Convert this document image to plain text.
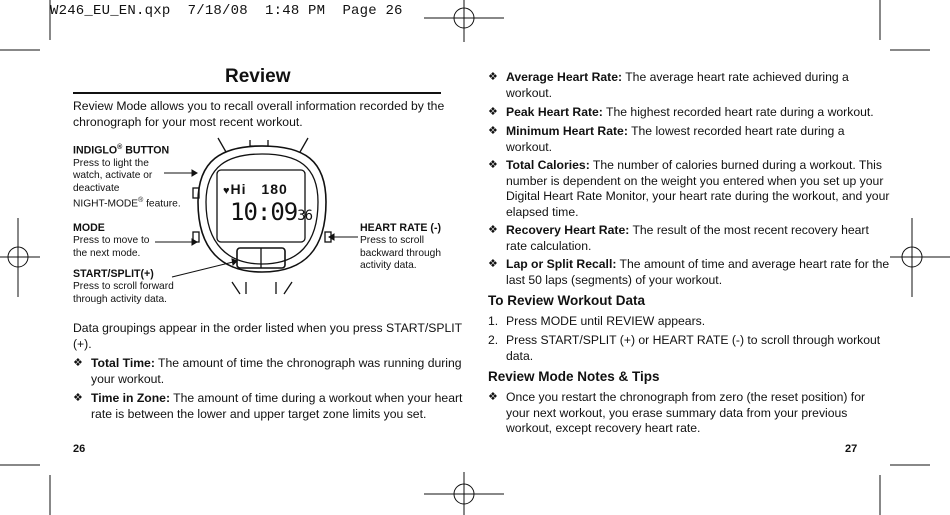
W246_EU_EN.qxp  7/18/08  1:48 PM  Page 26
Review
Review Mode allows you to recall overall information recorded by the
chronograph for your most recent workout.
INDIGLO® BUTTON
Press to light the
watch, activate or
deactivate
NIGHT-MODE® feature.
MODE
Press to move to
the next mode.
START/SPLIT(+)
Press to scroll forward
through activity data.
HEART RATE (-)
Press to scroll
backward through
activity data.
♥Hi 180
10:0936
Data groupings appear in the order listed when you press START/SPLIT
(+).
❖ Total Time: The amount of time the chronograph was running during
your workout.
❖ Time in Zone: The amount of time during a workout when your heart
rate is between the lower and upper target zone limits you set.
26
❖ Average Heart Rate: The average heart rate achieved during a
workout.
❖ Peak Heart Rate: The highest recorded heart rate during a workout.
❖ Minimum Heart Rate: The lowest recorded heart rate during a
workout.
❖ Total Calories: The number of calories burned during a workout. This
number is dependent on the weight you entered when you set up your
Digital Heart Rate Monitor, your heart rate during the workout, and your
elapsed time.
❖ Recovery Heart Rate: The result of the most recent recovery heart
rate calculation.
❖ Lap or Split Recall: The amount of time and average heart rate for the
last 50 laps (segments) of your workout.
To Review Workout Data
1. Press MODE until REVIEW appears.
2. Press START/SPLIT (+) or HEART RATE (-) to scroll through workout
data.
Review Mode Notes & Tips
❖ Once you restart the chronograph from zero (the reset position) for
your next workout, you erase summary data from your previous
workout, except recovery heart rate.
27
